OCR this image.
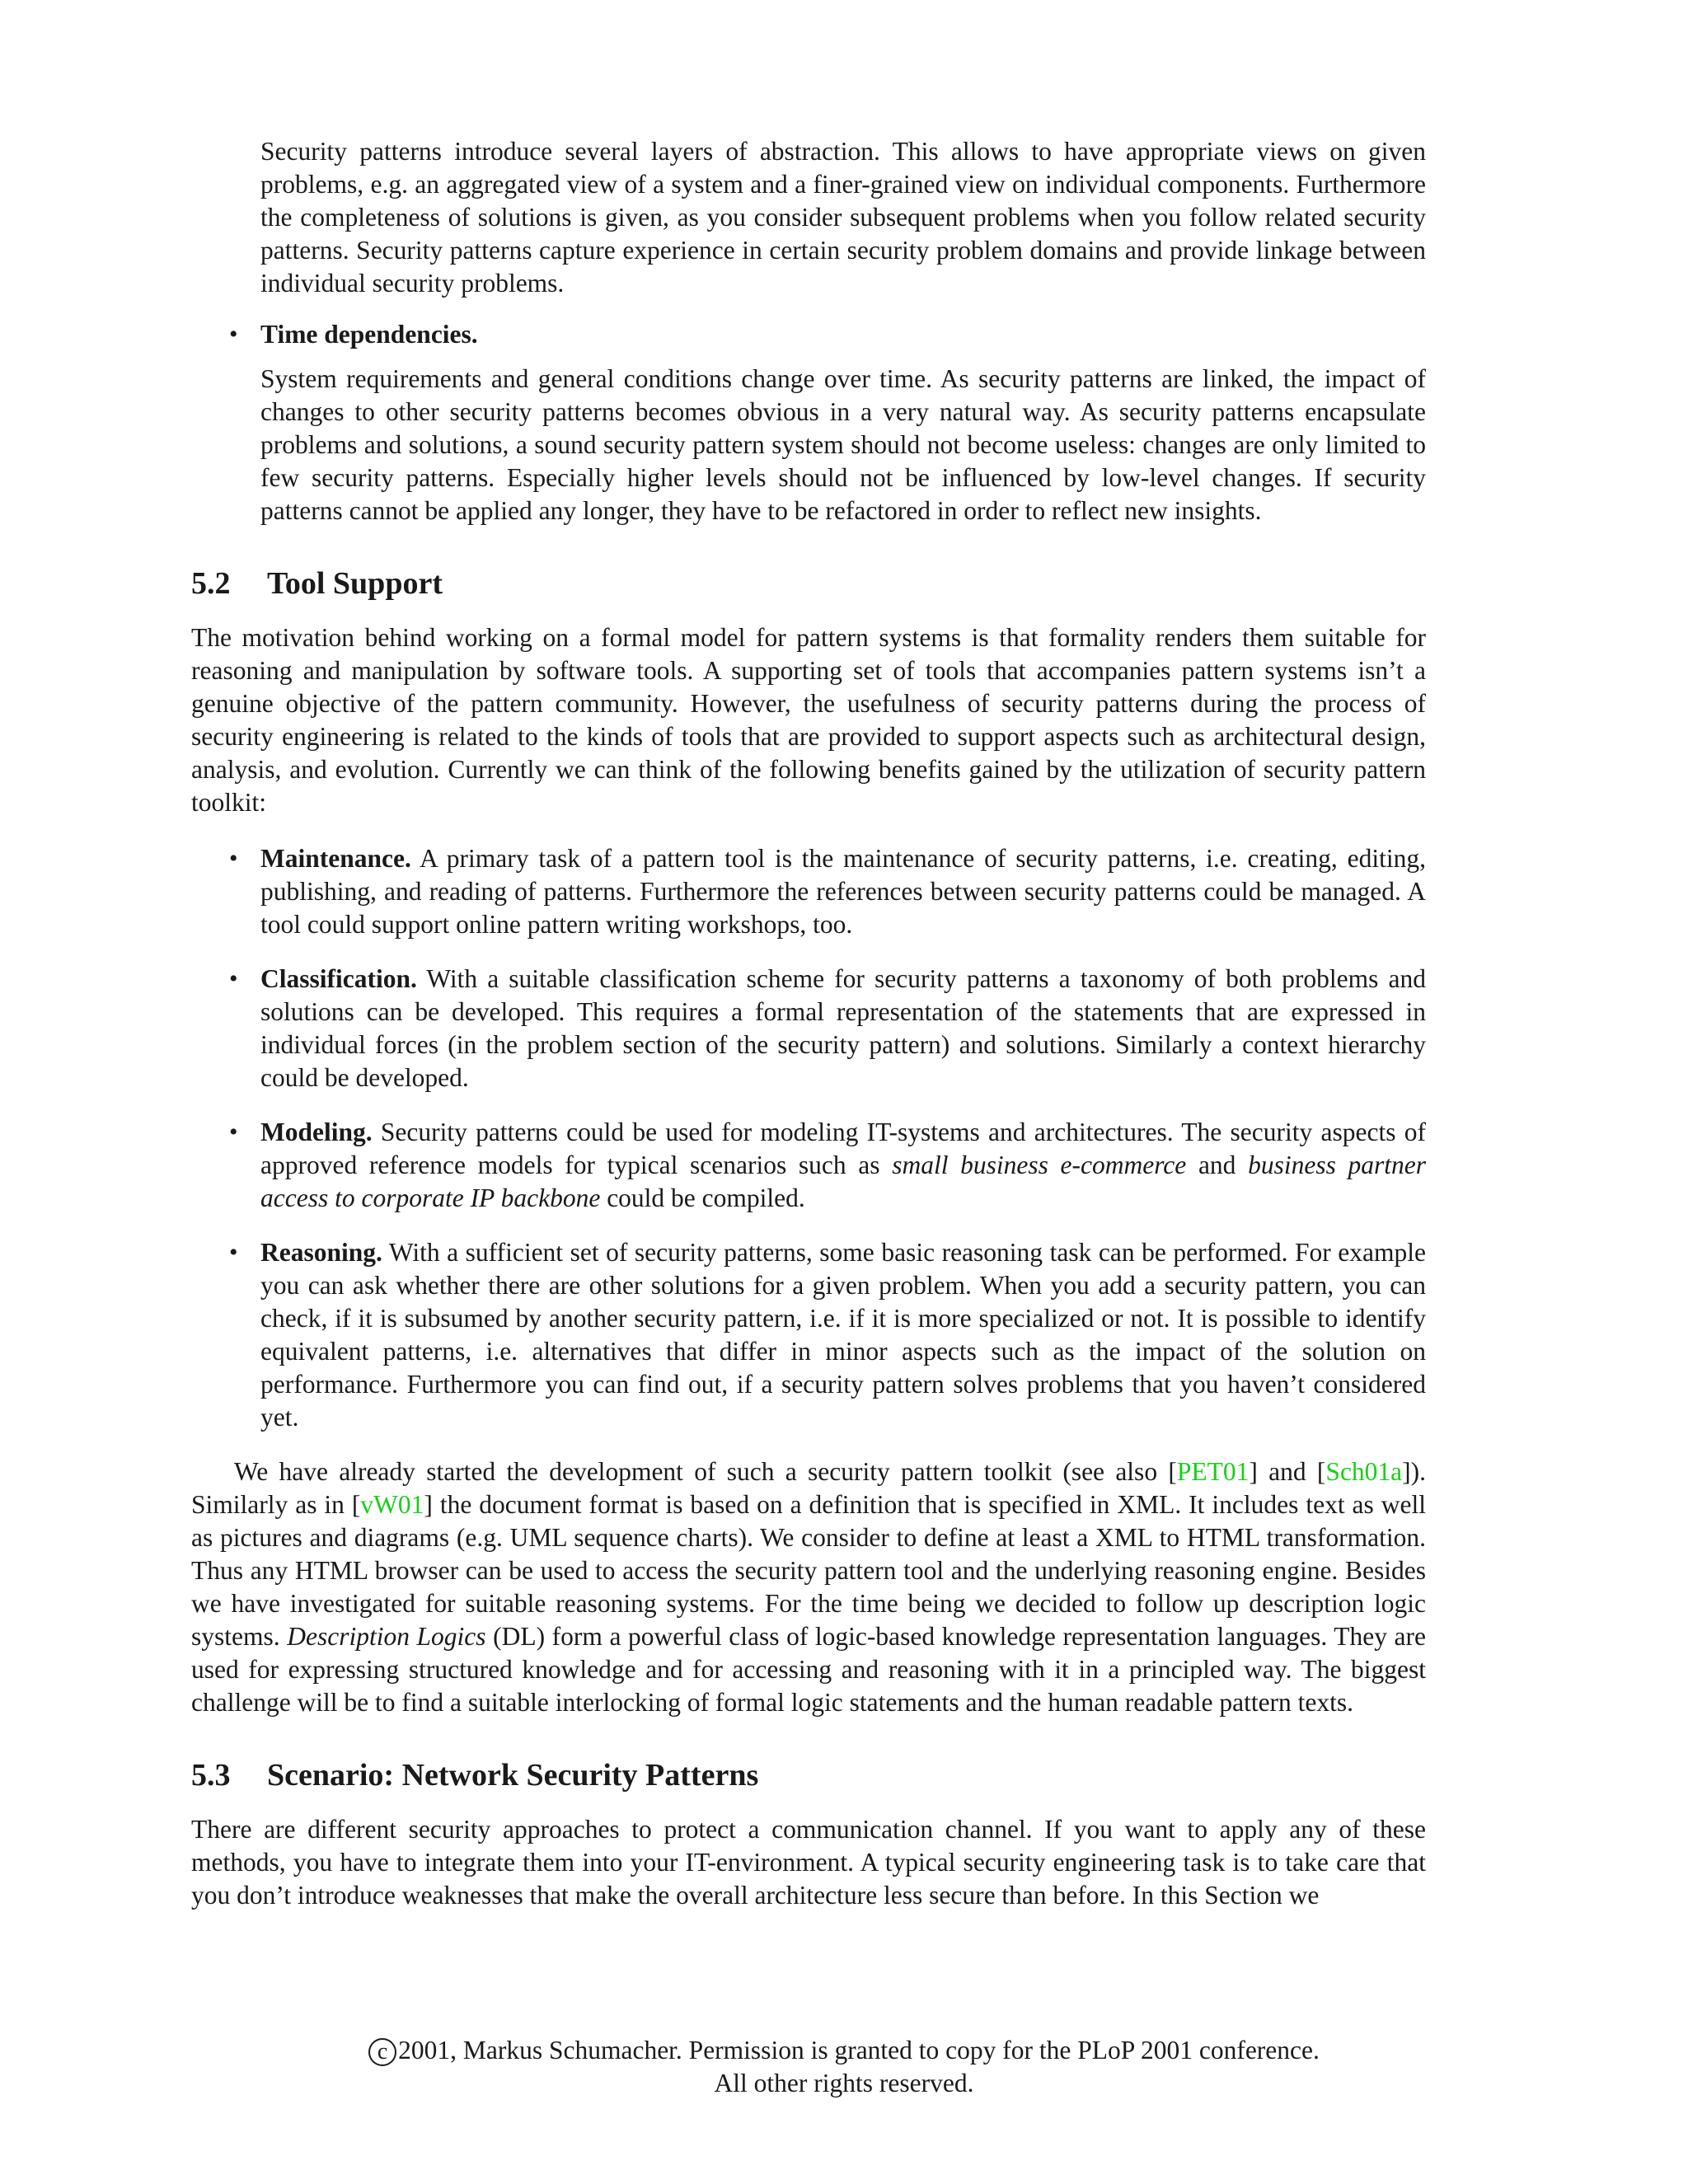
Security patterns introduce several layers of abstraction. This allows to have appropriate views on given problems, e.g. an aggregated view of a system and a finer-grained view on individual components. Furthermore the completeness of solutions is given, as you consider subsequent problems when you follow related security patterns. Security patterns capture experience in certain security problem domains and provide linkage between individual security problems.

• Time dependencies.

System requirements and general conditions change over time. As security patterns are linked, the impact of changes to other security patterns becomes obvious in a very natural way. As security patterns encapsulate problems and solutions, a sound security pattern system should not become useless: changes are only limited to few security patterns. Especially higher levels should not be influenced by low-level changes. If security patterns cannot be applied any longer, they have to be refactored in order to reflect new insights.

5.2 Tool Support

The motivation behind working on a formal model for pattern systems is that formality renders them suitable for reasoning and manipulation by software tools. A supporting set of tools that accompanies pattern systems isn’t a genuine objective of the pattern community. However, the usefulness of security patterns during the process of security engineering is related to the kinds of tools that are provided to support aspects such as architectural design, analysis, and evolution. Currently we can think of the following benefits gained by the utilization of security pattern toolkit:

• Maintenance. A primary task of a pattern tool is the maintenance of security patterns, i.e. creating, editing, publishing, and reading of patterns. Furthermore the references between security patterns could be managed. A tool could support online pattern writing workshops, too.

• Classification. With a suitable classification scheme for security patterns a taxonomy of both problems and solutions can be developed. This requires a formal representation of the statements that are expressed in individual forces (in the problem section of the security pattern) and solutions. Similarly a context hierarchy could be developed.

• Modeling. Security patterns could be used for modeling IT-systems and architectures. The security aspects of approved reference models for typical scenarios such as small business e-commerce and business partner access to corporate IP backbone could be compiled.

• Reasoning. With a sufficient set of security patterns, some basic reasoning task can be performed. For example you can ask whether there are other solutions for a given problem. When you add a security pattern, you can check, if it is subsumed by another security pattern, i.e. if it is more specialized or not. It is possible to identify equivalent patterns, i.e. alternatives that differ in minor aspects such as the impact of the solution on performance. Furthermore you can find out, if a security pattern solves problems that you haven’t considered yet.

We have already started the development of such a security pattern toolkit (see also [PET01] and [Sch01a]). Similarly as in [vW01] the document format is based on a definition that is specified in XML. It includes text as well as pictures and diagrams (e.g. UML sequence charts). We consider to define at least a XML to HTML transformation. Thus any HTML browser can be used to access the security pattern tool and the underlying reasoning engine. Besides we have investigated for suitable reasoning systems. For the time being we decided to follow up description logic systems. Description Logics (DL) form a powerful class of logic-based knowledge representation languages. They are used for expressing structured knowledge and for accessing and reasoning with it in a principled way. The biggest challenge will be to find a suitable interlocking of formal logic statements and the human readable pattern texts.

5.3 Scenario: Network Security Patterns

There are different security approaches to protect a communication channel. If you want to apply any of these methods, you have to integrate them into your IT-environment. A typical security engineering task is to take care that you don’t introduce weaknesses that make the overall architecture less secure than before. In this Section we

c 2001, Markus Schumacher. Permission is granted to copy for the PLoP 2001 conference.
All other rights reserved.
